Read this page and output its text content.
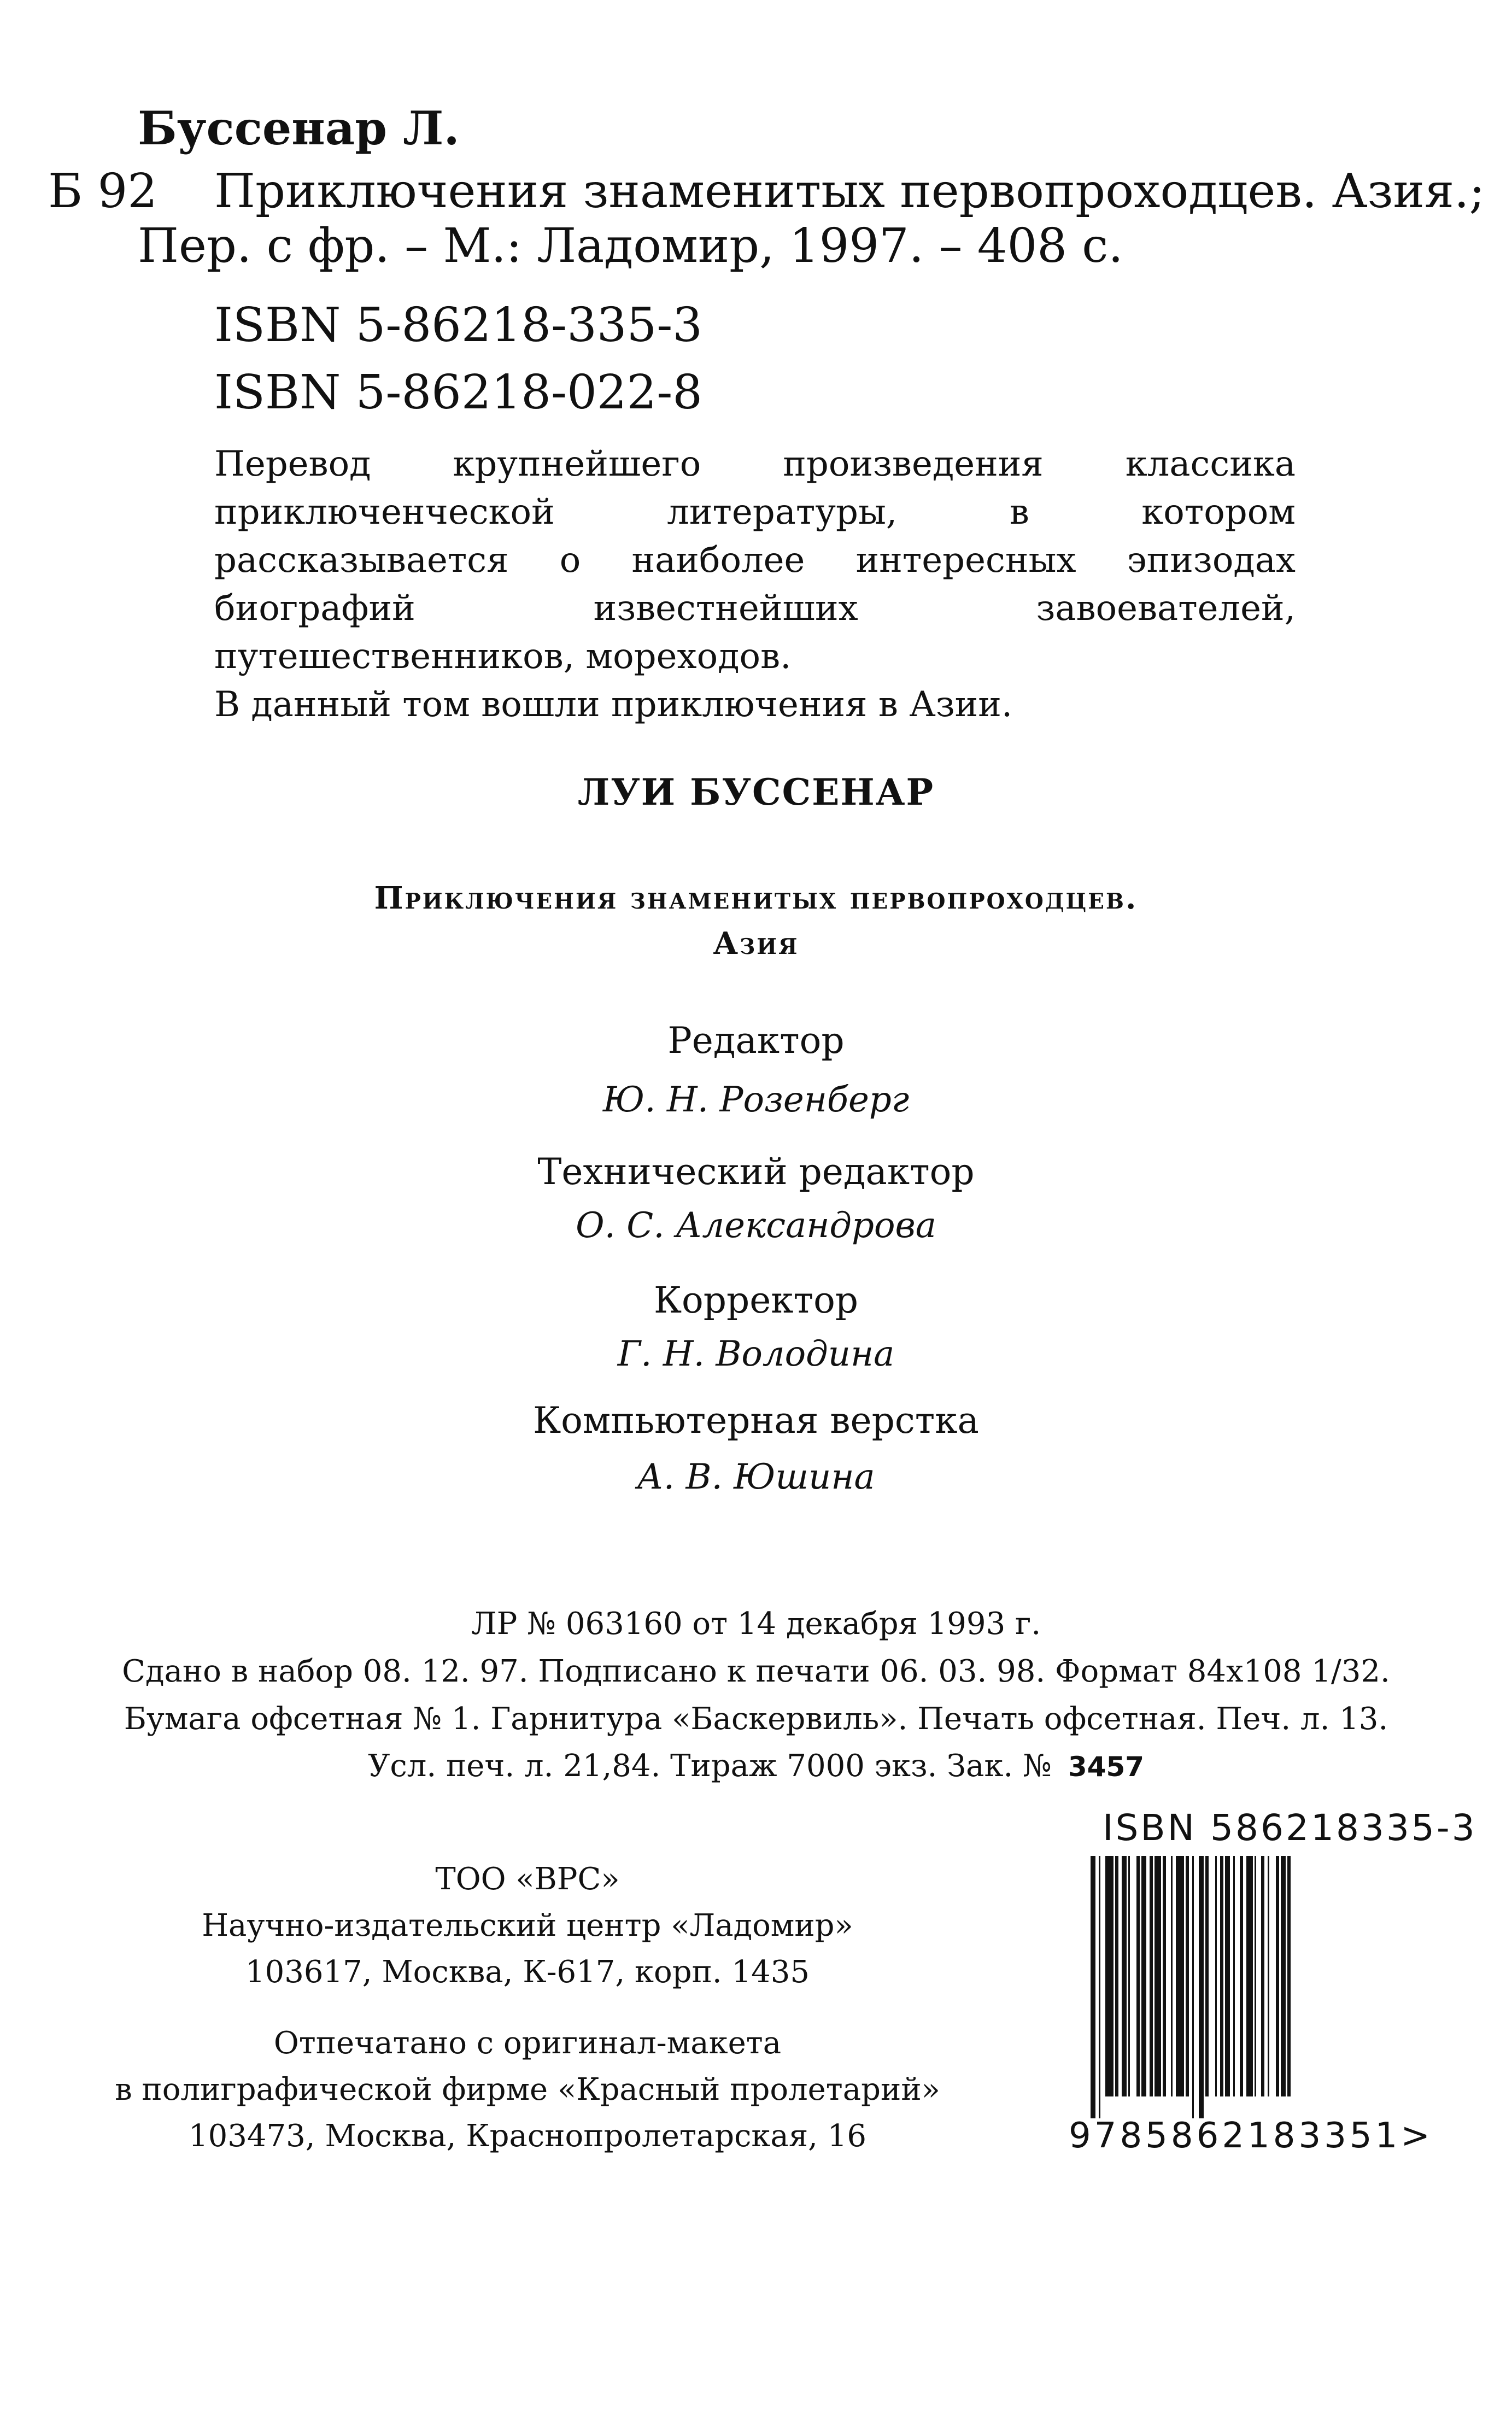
Буссенар Л.
Б 92 Приключения знаменитых первопроходцев. Азия.;
Пер. с фр. – М.: Ладомир, 1997. – 408 с.
ISBN 5-86218-335-3
ISBN 5-86218-022-8

Перевод крупнейшего произведения классика приключенческой литературы, в котором рассказывается о наиболее интересных эпизодах биографий известнейших завоевателей, путешественников, мореходов.

В данный том вошли приключения в Азии.

ЛУИ БУССЕНАР
Приключения знаменитых первопроходцев.
Азия
Редактор
Ю. Н. Розенберг
Технический редактор
О. С. Александрова
Корректор
Г. Н. Володина
Компьютерная верстка
А. В. Юшина
ЛР № 063160 от 14 декабря 1993 г.
Сдано в набор 08. 12. 97. Подписано к печати 06. 03. 98. Формат 84х108 1/32.
Бумага офсетная № 1. Гарнитура «Баскервиль». Печать офсетная. Печ. л. 13.
Усл. печ. л. 21,84. Тираж 7000 экз. Зак. № 3457
ТОО «ВРС»
Научно-издательский центр «Ладомир»
103617, Москва, К-617, корп. 1435
Отпечатано с оригинал-макета
в полиграфической фирме «Красный пролетарий»
103473, Москва, Краснопролетарская, 16
ISBN 586218335-3
9785862183351>
